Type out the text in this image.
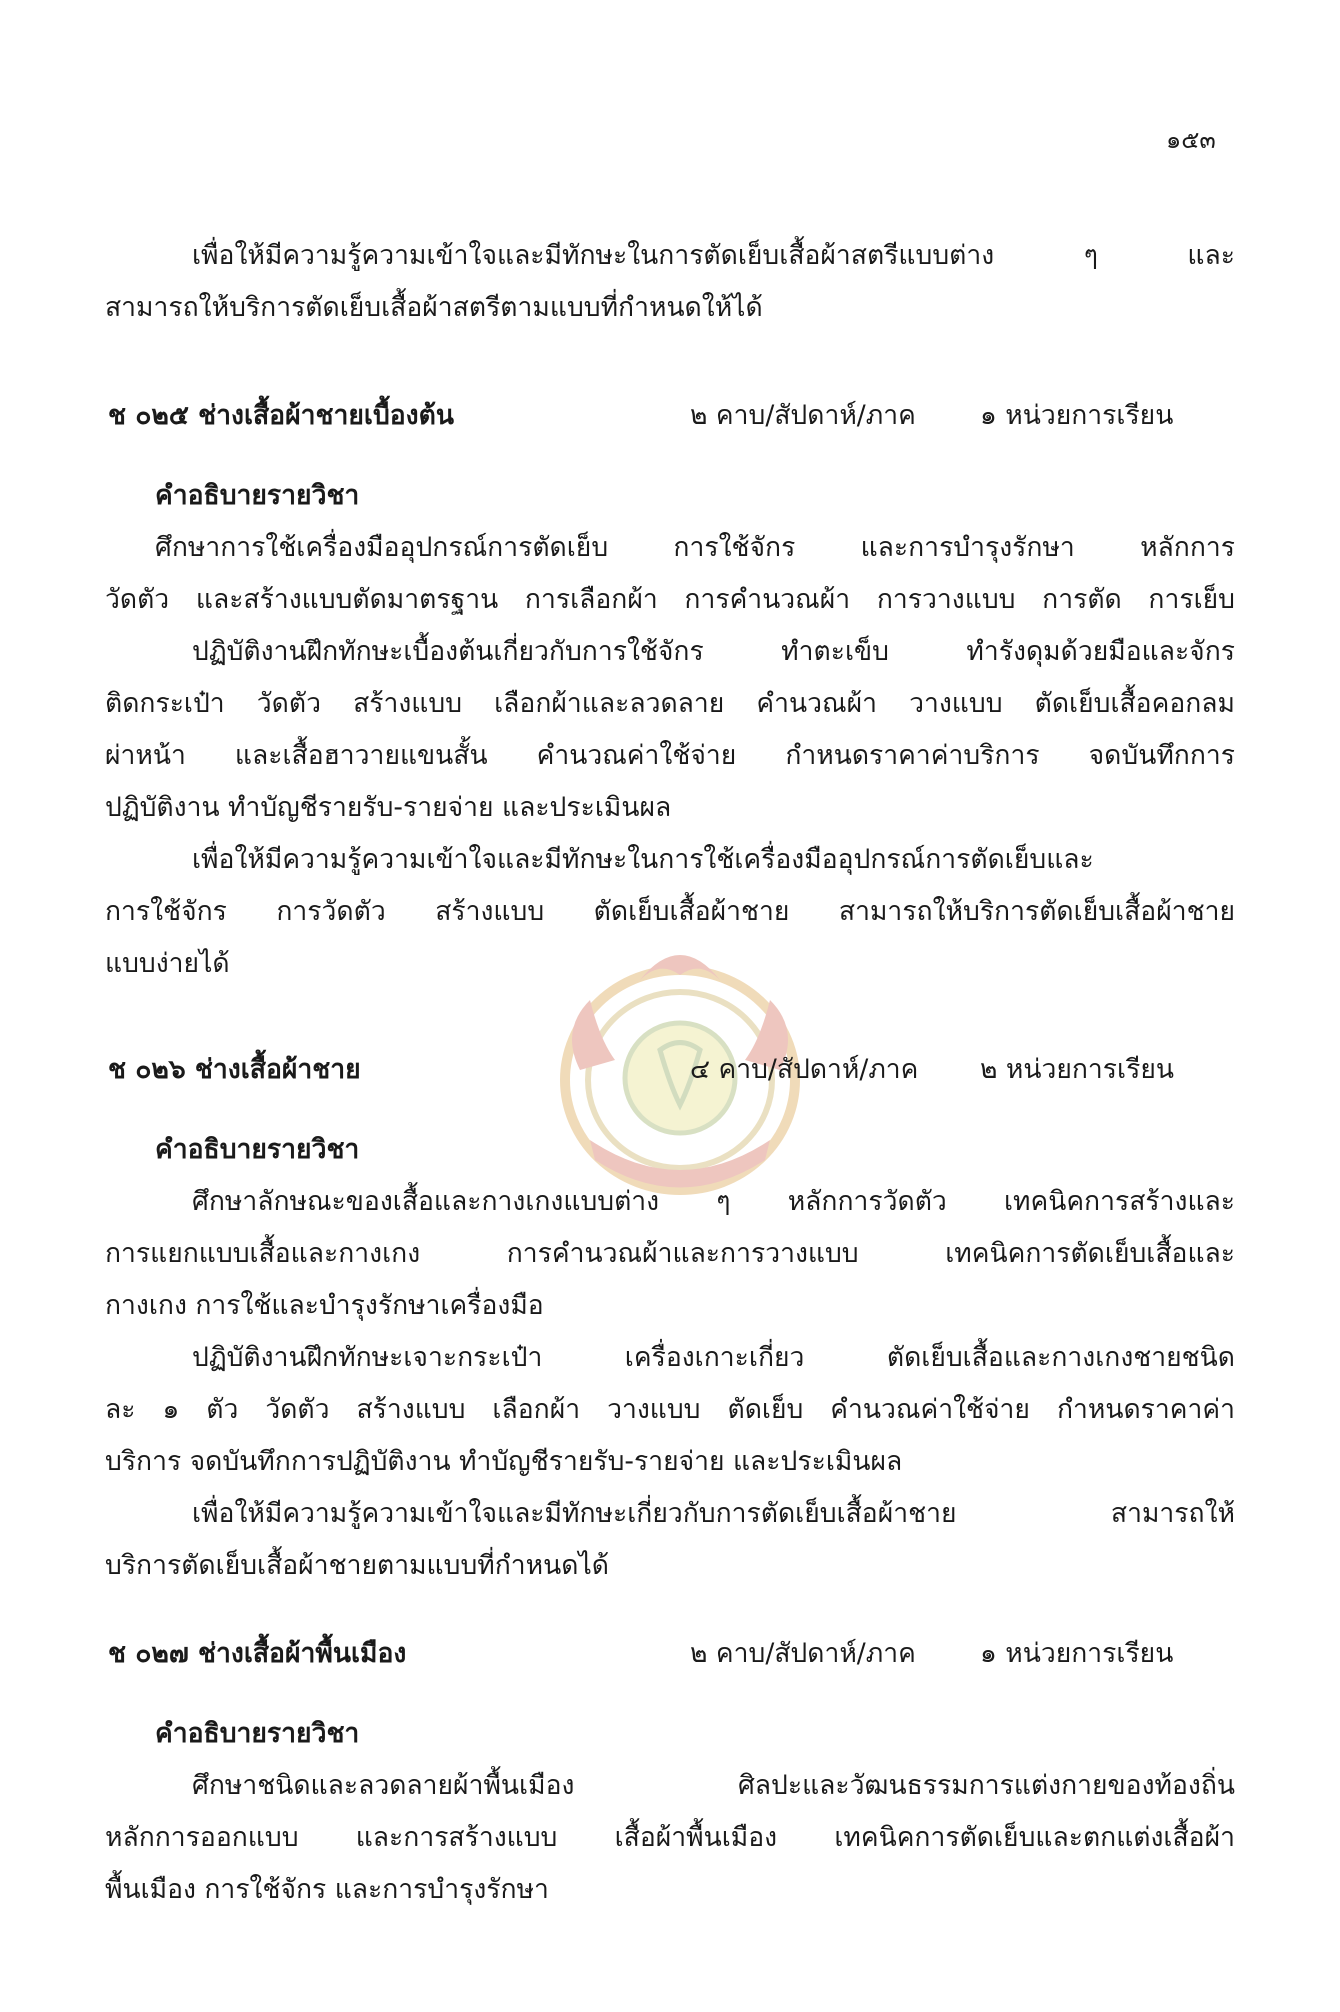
๑๕๓
เพื่อให้มีความรู้ความเข้าใจและมีทักษะในการตัดเย็บเสื้อผ้าสตรีแบบต่าง ๆ และ
สามารถให้บริการตัดเย็บเสื้อผ้าสตรีตามแบบที่กำหนดให้ได้
ช ๐๒๕ ช่างเสื้อผ้าชายเบื้องต้น	๒ คาบ/สัปดาห์/ภาค ๑ หน่วยการเรียน
คำอธิบายรายวิชา
ศึกษาการใช้เครื่องมืออุปกรณ์การตัดเย็บ การใช้จักร และการบำรุงรักษา หลักการ
วัดตัว และสร้างแบบตัดมาตรฐาน การเลือกผ้า การคำนวณผ้า การวางแบบ การตัด การเย็บ
ปฏิบัติงานฝึกทักษะเบื้องต้นเกี่ยวกับการใช้จักร ทำตะเข็บ ทำรังดุมด้วยมือและจักร
ติดกระเป๋า วัดตัว สร้างแบบ เลือกผ้าและลวดลาย คำนวณผ้า วางแบบ ตัดเย็บเสื้อคอกลม
ผ่าหน้า และเสื้อฮาวายแขนสั้น คำนวณค่าใช้จ่าย กำหนดราคาค่าบริการ จดบันทึกการ
ปฏิบัติงาน ทำบัญชีรายรับ-รายจ่าย และประเมินผล
เพื่อให้มีความรู้ความเข้าใจและมีทักษะในการใช้เครื่องมืออุปกรณ์การตัดเย็บและ
การใช้จักร การวัดตัว สร้างแบบ ตัดเย็บเสื้อผ้าชาย สามารถให้บริการตัดเย็บเสื้อผ้าชาย
แบบง่ายได้
ช ๐๒๖ ช่างเสื้อผ้าชาย	๔ คาบ/สัปดาห์/ภาค ๒ หน่วยการเรียน
คำอธิบายรายวิชา
ศึกษาลักษณะของเสื้อและกางเกงแบบต่าง ๆ หลักการวัดตัว เทคนิคการสร้างและ
การแยกแบบเสื้อและกางเกง การคำนวณผ้าและการวางแบบ เทคนิคการตัดเย็บเสื้อและ
กางเกง การใช้และบำรุงรักษาเครื่องมือ
ปฏิบัติงานฝึกทักษะเจาะกระเป๋า เครื่องเกาะเกี่ยว ตัดเย็บเสื้อและกางเกงชายชนิด
ละ ๑ ตัว วัดตัว สร้างแบบ เลือกผ้า วางแบบ ตัดเย็บ คำนวณค่าใช้จ่าย กำหนดราคาค่า
บริการ จดบันทึกการปฏิบัติงาน ทำบัญชีรายรับ-รายจ่าย และประเมินผล
เพื่อให้มีความรู้ความเข้าใจและมีทักษะเกี่ยวกับการตัดเย็บเสื้อผ้าชาย สามารถให้
บริการตัดเย็บเสื้อผ้าชายตามแบบที่กำหนดได้
ช ๐๒๗ ช่างเสื้อผ้าพื้นเมือง	๒ คาบ/สัปดาห์/ภาค ๑ หน่วยการเรียน
คำอธิบายรายวิชา
ศึกษาชนิดและลวดลายผ้าพื้นเมือง ศิลปะและวัฒนธรรมการแต่งกายของท้องถิ่น
หลักการออกแบบ และการสร้างแบบ เสื้อผ้าพื้นเมือง เทคนิคการตัดเย็บและตกแต่งเสื้อผ้า
พื้นเมือง การใช้จักร และการบำรุงรักษา
